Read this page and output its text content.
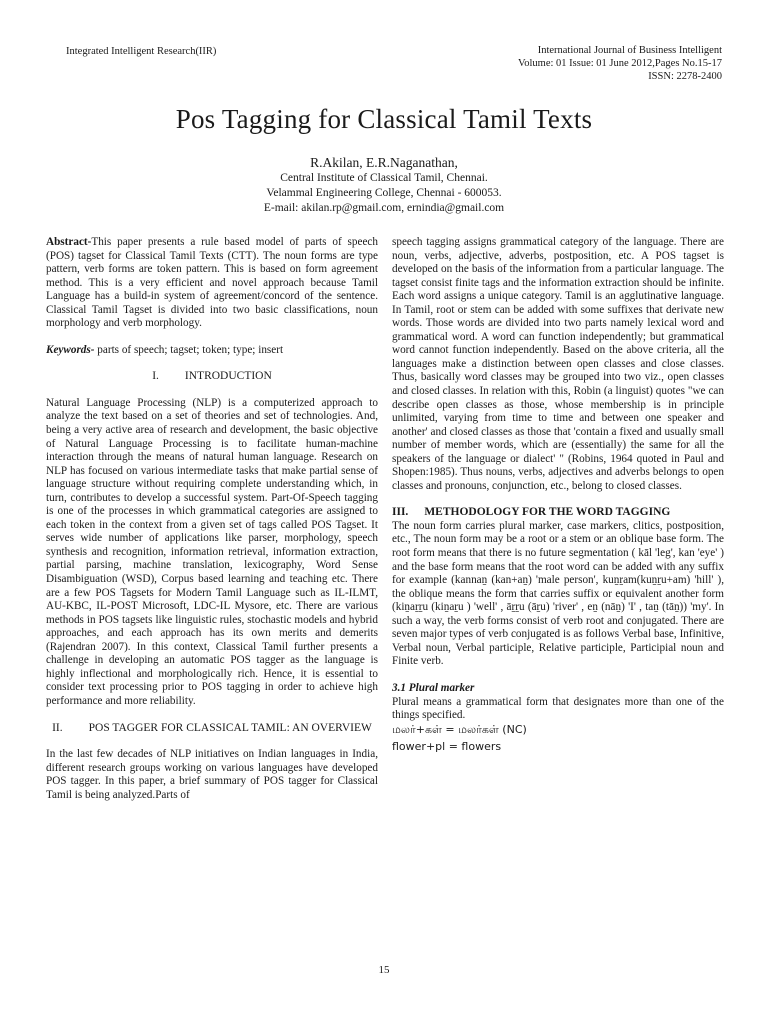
Integrated Intelligent Research(IIR)	International Journal of Business Intelligent
Volume: 01 Issue: 01 June 2012,Pages No.15-17
ISSN: 2278-2400
Pos Tagging for Classical Tamil Texts
R.Akilan, E.R.Naganathan,
Central Institute of Classical Tamil, Chennai.
Velammal Engineering College, Chennai - 600053.
E-mail: akilan.rp@gmail.com, erni⁠ndia@gmail.com

Abstract-This paper presents a rule based model of parts of speech (POS) tagset for Classical Tamil Texts (CTT). The noun forms are type pattern, verb forms are token pattern. This is based on form agreement method. This is a very efficient and novel approach because Tamil Language has a build-in system of agreement/concord of the sentence. Classical Tamil Tagset is divided into two basic classifications, noun morphology and verb morphology.

Keywords- parts of speech; tagset; token; type; insert

I. INTRODUCTION

Natural Language Processing (NLP) is a computerized approach to analyze the text based on a set of theories and set of technologies. And, being a very active area of research and development, the basic objective of Natural Language Processing is to facilitate human-machine interaction through the means of natural human language. Research on NLP has focused on various intermediate tasks that make partial sense of language structure without requiring complete understanding which, in turn, contributes to develop a successful system. Part-Of-Speech tagging is one of the processes in which grammatical categories are assigned to each token in the context from a given set of tags called POS Tagset. It serves wide number of applications like parser, morphology, speech synthesis and recognition, information retrieval, information extraction, partial parsing, machine translation, lexicography, Word Sense Disambiguation (WSD), Corpus based learning and teaching etc. There are a few POS Tagsets for Modern Tamil Language such as IL-ILMT, AU-KBC, IL-POST Microsoft, LDC-IL Mysore, etc. There are various methods in POS tagsets like linguistic rules, stochastic models and hybrid approaches, and each approach has its own merits and demerits (Rajendran 2007). In this context, Classical Tamil further presents a challenge in developing an automatic POS tagger as the language is highly inflectional and morphologically rich. Hence, it is essential to consider text processing prior to POS tagging in order to achieve high performance and more reliability.

II. POS TAGGER FOR CLASSICAL TAMIL: AN OVERVIEW

In the last few decades of NLP initiatives on Indian languages in India, different research groups working on various languages have developed POS tagger. In this paper, a brief summary of POS tagger for Classical Tamil is being analyzed.Parts of

speech tagging assigns grammatical category of the language. There are noun, verbs, adjective, adverbs, postposition, etc. A POS tagset is developed on the basis of the information from a particular language. The tagset consist finite tags and the information extraction should be infinite. Each word assigns a unique category. Tamil is an agglutinative language. In Tamil, root or stem can be added with some suffixes that derivate new words. Those words are divided into two parts namely lexical word and grammatical word. A word can function independently; but grammatical word cannot function independently. Based on the above criteria, all the languages make a distinction between open classes and close classes. Thus, basically word classes may be grouped into two viz., open classes and closed classes. In relation with this, Robin (a linguist) quotes "we can describe open classes as those, whose membership is in principle unlimited, varying from time to time and between one speaker and another' and closed classes as those that 'contain a fixed and usually small number of member words, which are (essentially) the same for all the speakers of the language or dialect' " (Robins, 1964 quoted in Paul and Shopen:1985). Thus nouns, verbs, adjectives and adverbs belongs to open classes and pronouns, conjunction, etc., belong to closed classes.

III. METHODOLOGY FOR THE WORD TAGGING

The noun form carries plural marker, case markers, clitics, postposition, etc., The noun form may be a root or a stem or an oblique base form. The root form means that there is no future segmentation ( kāl 'leg', kan 'eye' ) and the base form means that the root word can be added with any suffix for example (kannaṉ (kan+aṉ) 'male person', kuṉṟam(kuṉṟu+am) 'hill' ), the oblique means the form that carries suffix or equivalent another form (kiṉaṟṟu (kiṉaṟu ) 'well' , āṟṟu (āṟu) 'river' , eṉ (nāṉ) 'I' , taṉ (tāṉ)) 'my'. In such a way, the verb forms consist of verb root and conjugated. There are seven major types of verb conjugated is as follows Verbal base, Infinitive, Verbal noun, Verbal participle, Relative participle, Participial noun and Finite verb.

3.1 Plural marker

Plural means a grammatical form that designates more than one of the things specified.

மலர்+கள் = மலர்கள் (NC)

flower+pl = flowers

15
